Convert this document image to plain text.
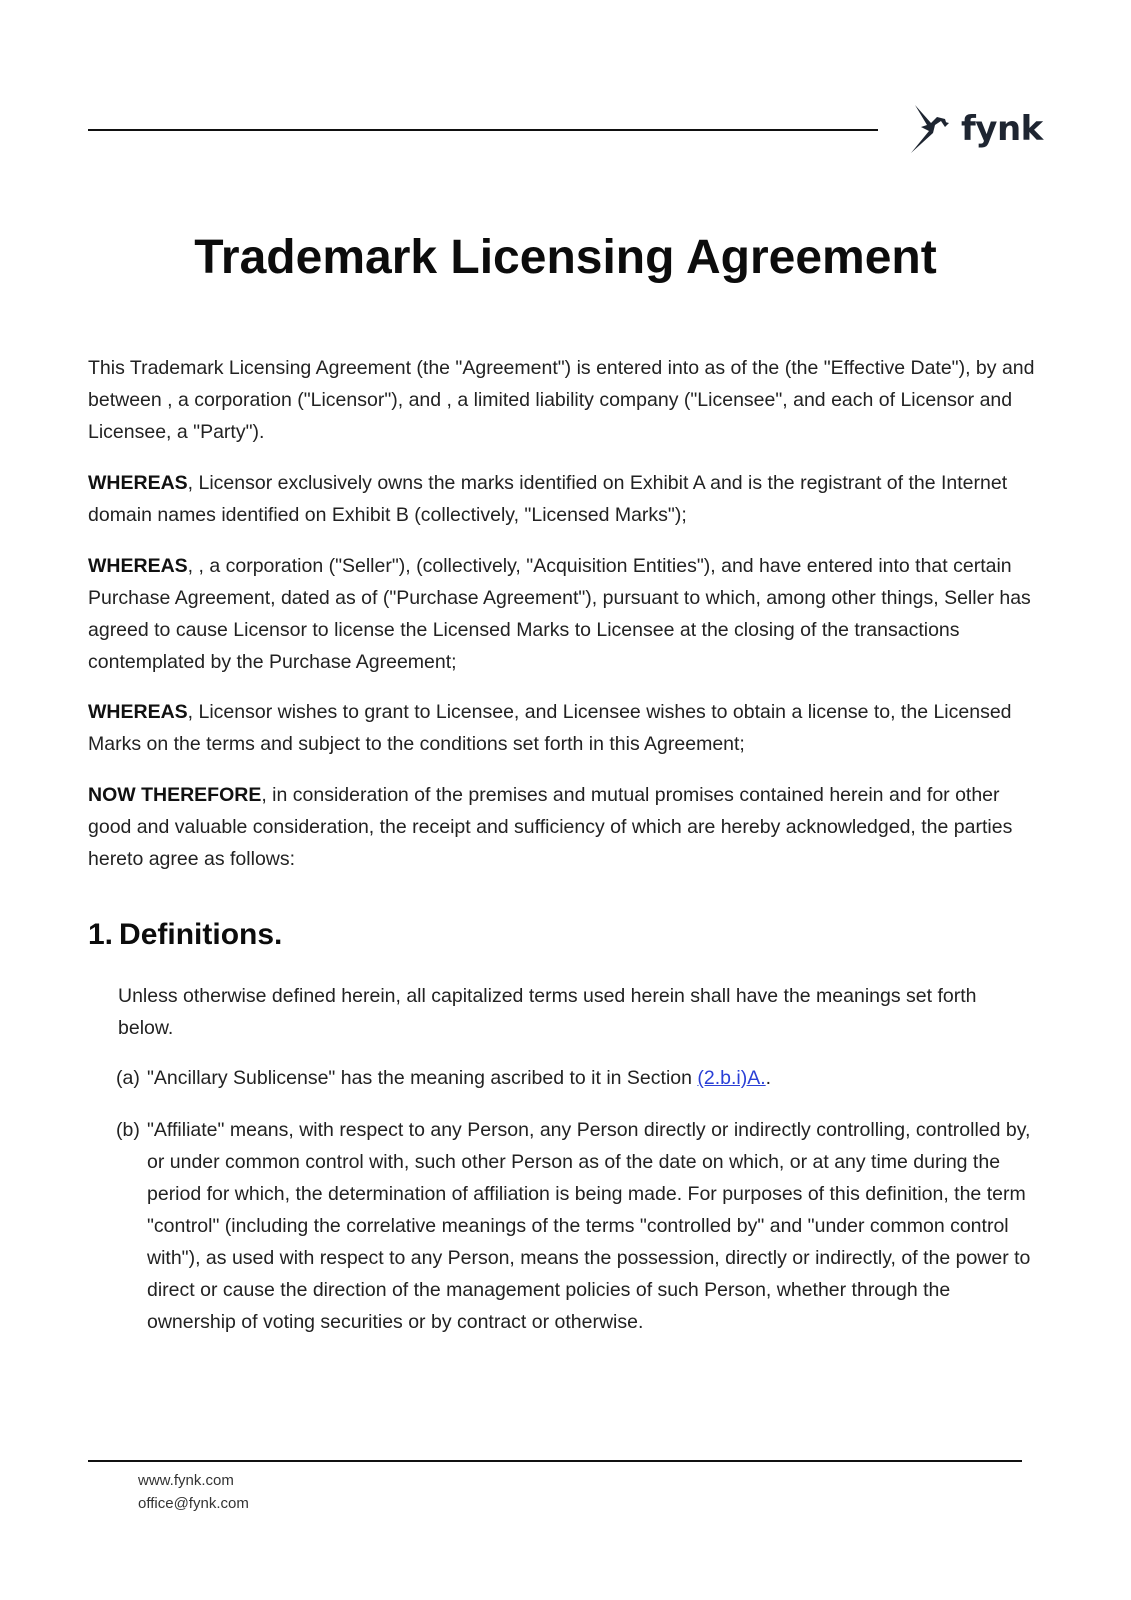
fynk
Trademark Licensing Agreement

This Trademark Licensing Agreement (the "Agreement") is entered into as of the (the "Effective Date"), by and between , a corporation ("Licensor"), and , a limited liability company ("Licensee", and each of Licensor and Licensee, a "Party").

WHEREAS, Licensor exclusively owns the marks identified on Exhibit A and is the registrant of the Internet domain names identified on Exhibit B (collectively, "Licensed Marks");

WHEREAS, , a corporation ("Seller"), (collectively, "Acquisition Entities"), and have entered into that certain Purchase Agreement, dated as of ("Purchase Agreement"), pursuant to which, among other things, Seller has agreed to cause Licensor to license the Licensed Marks to Licensee at the closing of the transactions contemplated by the Purchase Agreement;

WHEREAS, Licensor wishes to grant to Licensee, and Licensee wishes to obtain a license to, the Licensed Marks on the terms and subject to the conditions set forth in this Agreement;

NOW THEREFORE, in consideration of the premises and mutual promises contained herein and for other good and valuable consideration, the receipt and sufficiency of which are hereby acknowledged, the parties hereto agree as follows:

1. Definitions.

Unless otherwise defined herein, all capitalized terms used herein shall have the meanings set forth below.

(a) "Ancillary Sublicense" has the meaning ascribed to it in Section (2.b.i)A..
(b) "Affiliate" means, with respect to any Person, any Person directly or indirectly controlling, controlled by, or under common control with, such other Person as of the date on which, or at any time during the period for which, the determination of affiliation is being made. For purposes of this definition, the term "control" (including the correlative meanings of the terms "controlled by" and "under common control with"), as used with respect to any Person, means the possession, directly or indirectly, of the power to direct or cause the direction of the management policies of such Person, whether through the ownership of voting securities or by contract or otherwise.
www.fynk.com
office@fynk.com
